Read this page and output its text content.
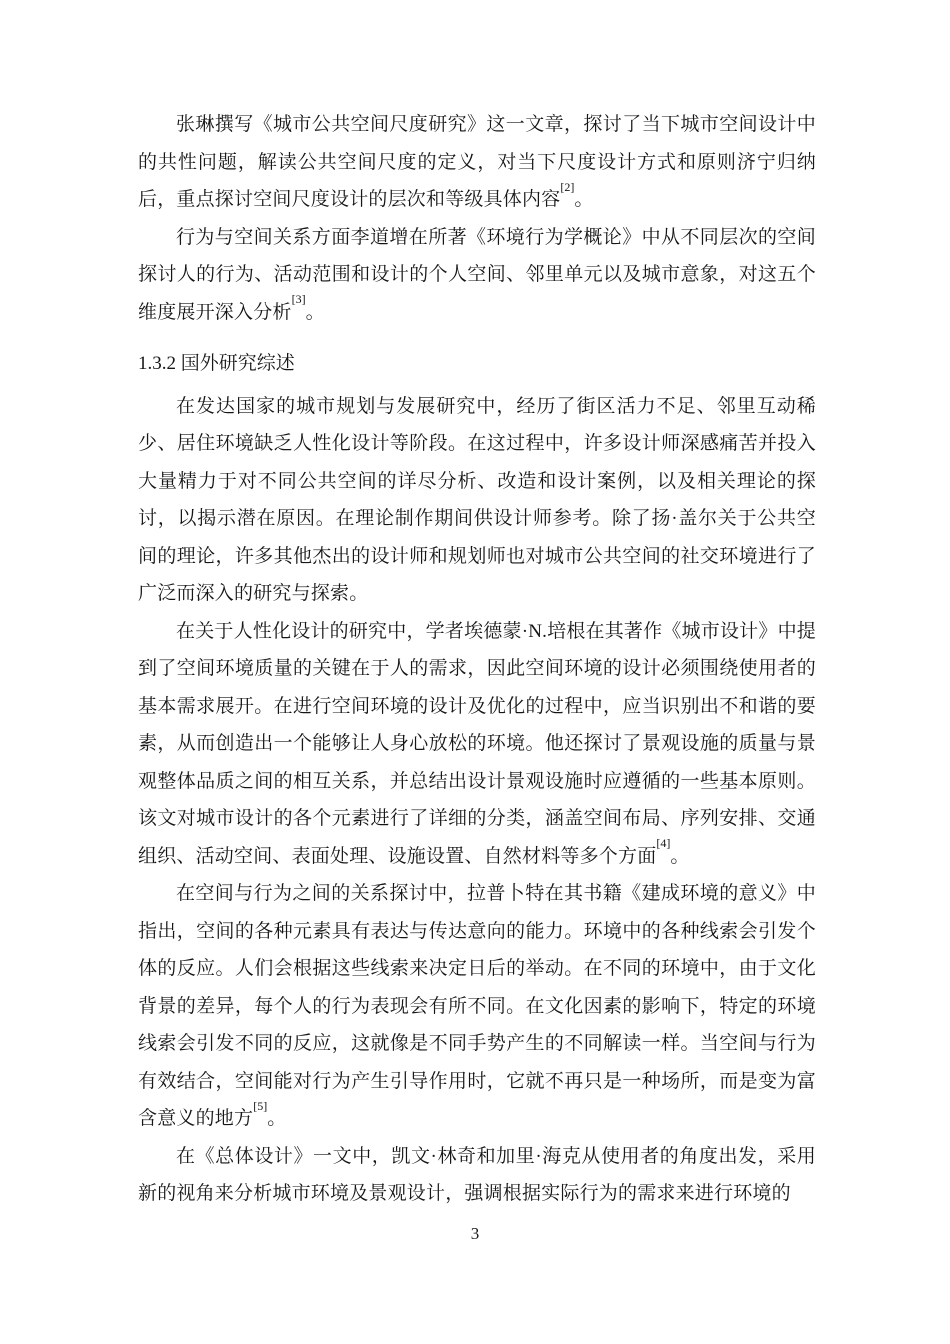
张琳撰写《城市公共空间尺度研究》这一文章，探讨了当下城市空间设计中的共性问题，解读公共空间尺度的定义，对当下尺度设计方式和原则济宁归纳后，重点探讨空间尺度设计的层次和等级具体内容[2]。

行为与空间关系方面李道增在所著《环境行为学概论》中从不同层次的空间探讨人的行为、活动范围和设计的个人空间、邻里单元以及城市意象，对这五个维度展开深入分析[3]。

1.3.2 国外研究综述

在发达国家的城市规划与发展研究中，经历了街区活力不足、邻里互动稀少、居住环境缺乏人性化设计等阶段。在这过程中，许多设计师深感痛苦并投入大量精力于对不同公共空间的详尽分析、改造和设计案例，以及相关理论的探讨，以揭示潜在原因。在理论制作期间供设计师参考。除了扬·盖尔关于公共空间的理论，许多其他杰出的设计师和规划师也对城市公共空间的社交环境进行了广泛而深入的研究与探索。

在关于人性化设计的研究中，学者埃德蒙·N.培根在其著作《城市设计》中提到了空间环境质量的关键在于人的需求，因此空间环境的设计必须围绕使用者的基本需求展开。在进行空间环境的设计及优化的过程中，应当识别出不和谐的要素，从而创造出一个能够让人身心放松的环境。他还探讨了景观设施的质量与景观整体品质之间的相互关系，并总结出设计景观设施时应遵循的一些基本原则。该文对城市设计的各个元素进行了详细的分类，涵盖空间布局、序列安排、交通组织、活动空间、表面处理、设施设置、自然材料等多个方面[4]。

在空间与行为之间的关系探讨中，拉普卜特在其书籍《建成环境的意义》中指出，空间的各种元素具有表达与传达意向的能力。环境中的各种线索会引发个体的反应。人们会根据这些线索来决定日后的举动。在不同的环境中，由于文化背景的差异，每个人的行为表现会有所不同。在文化因素的影响下，特定的环境线索会引发不同的反应，这就像是不同手势产生的不同解读一样。当空间与行为有效结合，空间能对行为产生引导作用时，它就不再只是一种场所，而是变为富含意义的地方[5]。

在《总体设计》一文中，凯文·林奇和加里·海克从使用者的角度出发，采用新的视角来分析城市环境及景观设计，强调根据实际行为的需求来进行环境的

3
